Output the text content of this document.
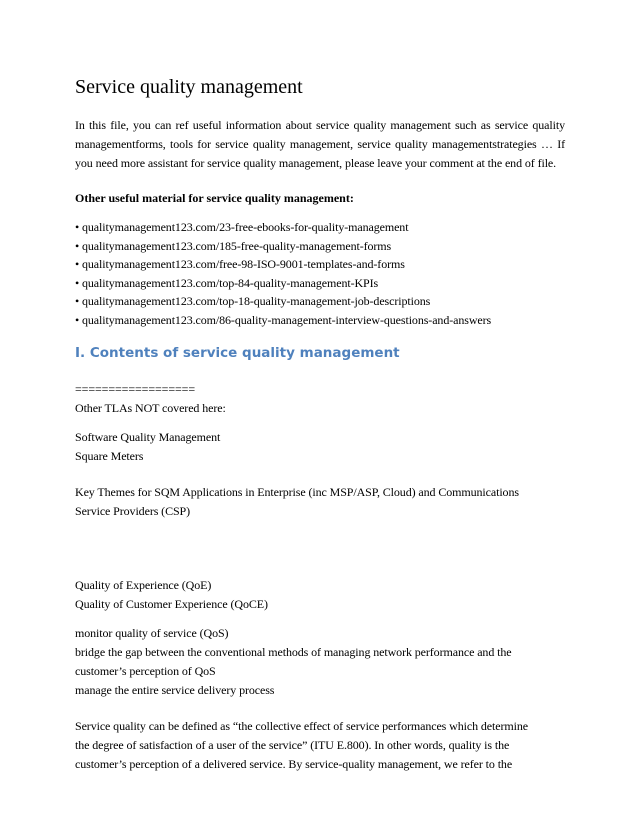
Service quality management

In this file, you can ref useful information about service quality management such as service quality managementforms, tools for service quality management, service quality managementstrategies … If you need more assistant for service quality management, please leave your comment at the end of file.

Other useful material for service quality management:
• qualitymanagement123.com/23-free-ebooks-for-quality-management
• qualitymanagement123.com/185-free-quality-management-forms
• qualitymanagement123.com/free-98-ISO-9001-templates-and-forms
• qualitymanagement123.com/top-84-quality-management-KPIs
• qualitymanagement123.com/top-18-quality-management-job-descriptions
• qualitymanagement123.com/86-quality-management-interview-questions-and-answers
I. Contents of service quality management
==================
Other TLAs NOT covered here:
Software Quality Management
Square Meters
Key Themes for SQM Applications in Enterprise (inc MSP/ASP, Cloud) and Communications
Service Providers (CSP)
Quality of Experience (QoE)
Quality of Customer Experience (QoCE)
monitor quality of service (QoS)
bridge the gap between the conventional methods of managing network performance and the
customer’s perception of QoS
manage the entire service delivery process
Service quality can be defined as “the collective effect of service performances which determine
the degree of satisfaction of a user of the service” (ITU E.800). In other words, quality is the
customer’s perception of a delivered service. By service-quality management, we refer to the
